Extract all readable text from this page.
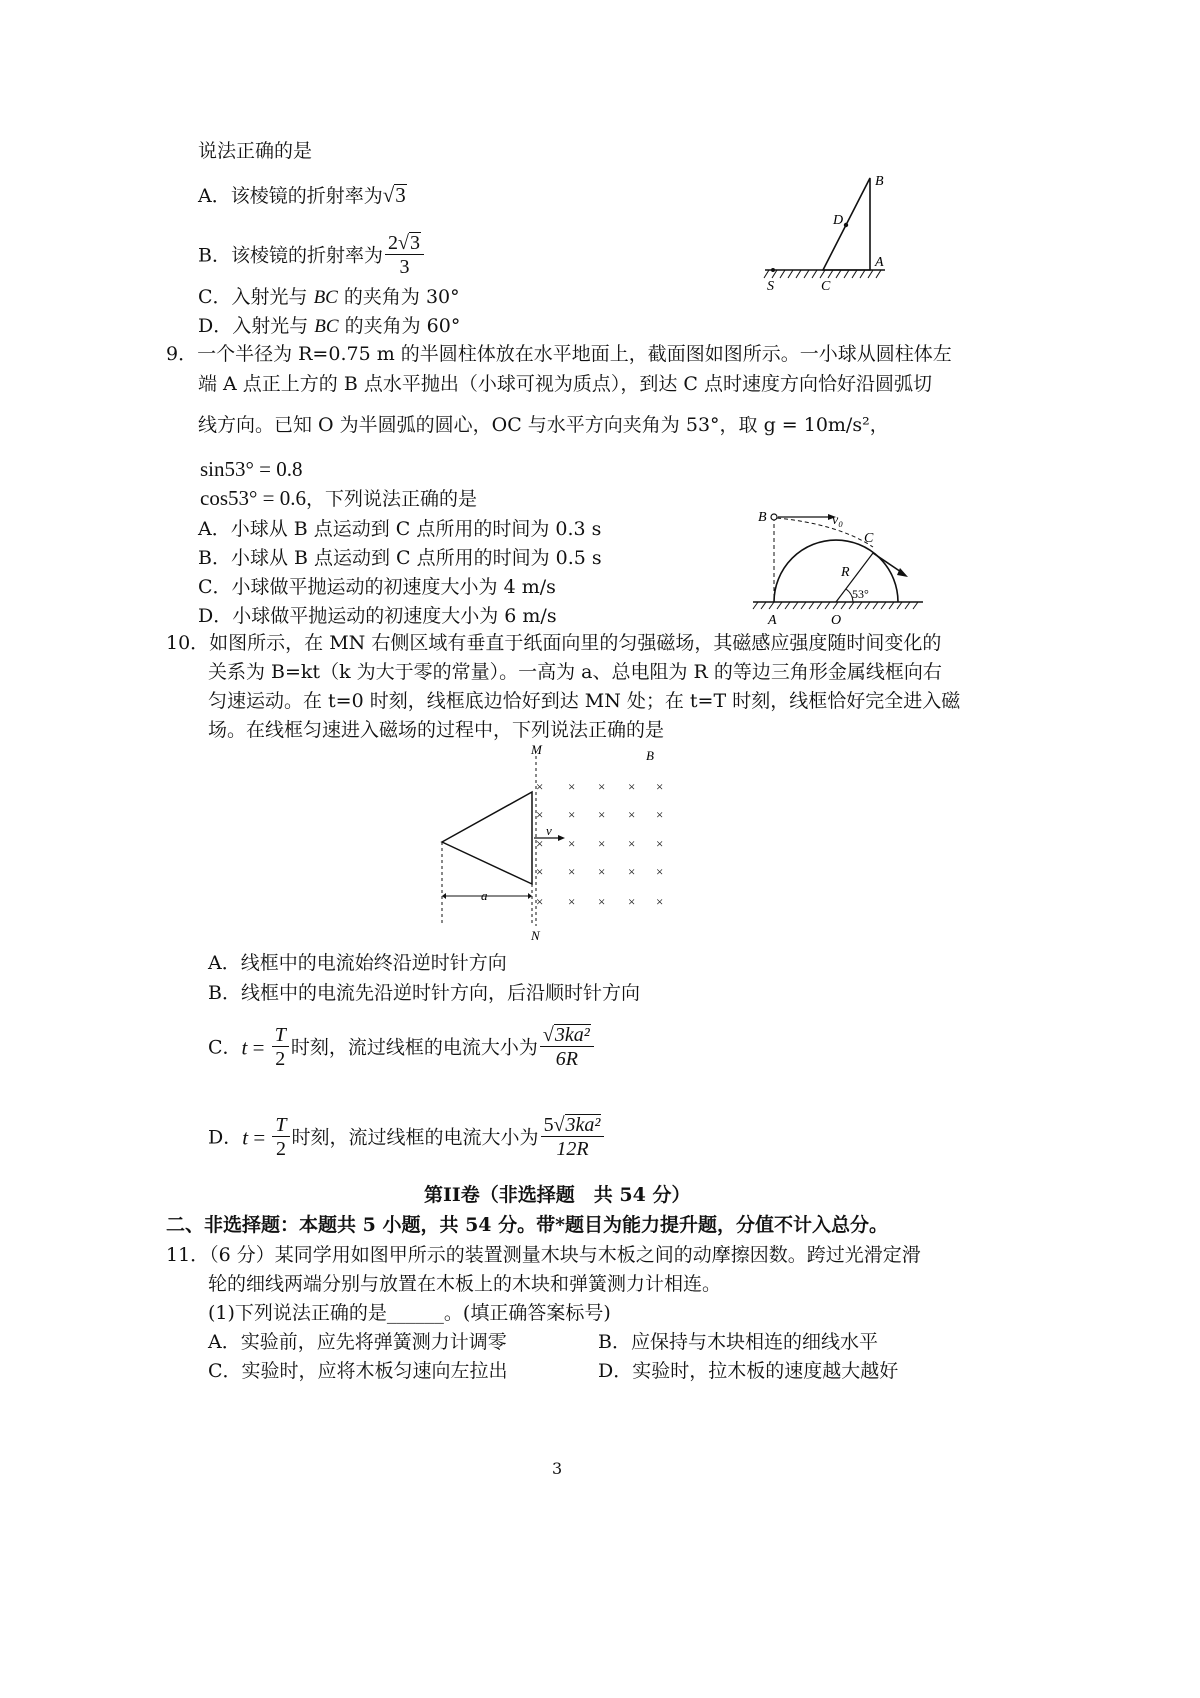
说法正确的是
A．该棱镜的折射率为√3
B．该棱镜的折射率为 $\frac{2√3}{3}$
C．入射光与 BC 的夹角为 30°
D．入射光与 BC 的夹角为 60°
B
D
A
S	C
9．一个半径为 R=0.75 m 的半圆柱体放在水平地面上，截面图如图所示。一小球从圆柱体左
端 A 点正上方的 B 点水平抛出（小球可视为质点），到达 C 点时速度方向恰好沿圆弧切
线方向。已知 O 为半圆弧的圆心，OC 与水平方向夹角为 53°，取 g = 10m/s²，
sin53° = 0.8
cos53° = 0.6，下列说法正确的是
A．小球从 B 点运动到 C 点所用的时间为 0.3 s
B．小球从 B 点运动到 C 点所用的时间为 0.5 s
C．小球做平抛运动的初速度大小为 4 m/s
D．小球做平抛运动的初速度大小为 6 m/s
B	v₀
C
R
53°
A	O
10．如图所示，在 MN 右侧区域有垂直于纸面向里的匀强磁场，其磁感应强度随时间变化的
关系为 B=kt（k 为大于零的常量）。一高为 a、总电阻为 R 的等边三角形金属线框向右
匀速运动。在 t=0 时刻，线框底边恰好到达 MN 处；在 t=T 时刻，线框恰好完全进入磁
场。在线框匀速进入磁场的过程中，下列说法正确的是
M
N
B
a
v
× × × × ×
× × × × ×
× × × × ×
× × × × ×
× × × × ×
A．线框中的电流始终沿逆时针方向
B．线框中的电流先沿逆时针方向，后沿顺时针方向
C．$t = \frac{T}{2}$ 时刻，流过线框的电流大小为 $\frac{\text{√3ka²}}{6R}$
D．$t = \frac{T}{2}$ 时刻，流过线框的电流大小为 $\frac{\text{5√3ka²}}{12R}$
第II卷（非选择题　共 54 分）
二、非选择题：本题共 5 小题，共 54 分。带*题目为能力提升题，分值不计入总分。
11．（6 分）某同学用如图甲所示的装置测量木块与木板之间的动摩擦因数。跨过光滑定滑
轮的细线两端分别与放置在木板上的木块和弹簧测力计相连。
(1)下列说法正确的是______。(填正确答案标号)
A．实验前，应先将弹簧测力计调零	B．应保持与木块相连的细线水平
C．实验时，应将木板匀速向左拉出	D．实验时，拉木板的速度越大越好
3
